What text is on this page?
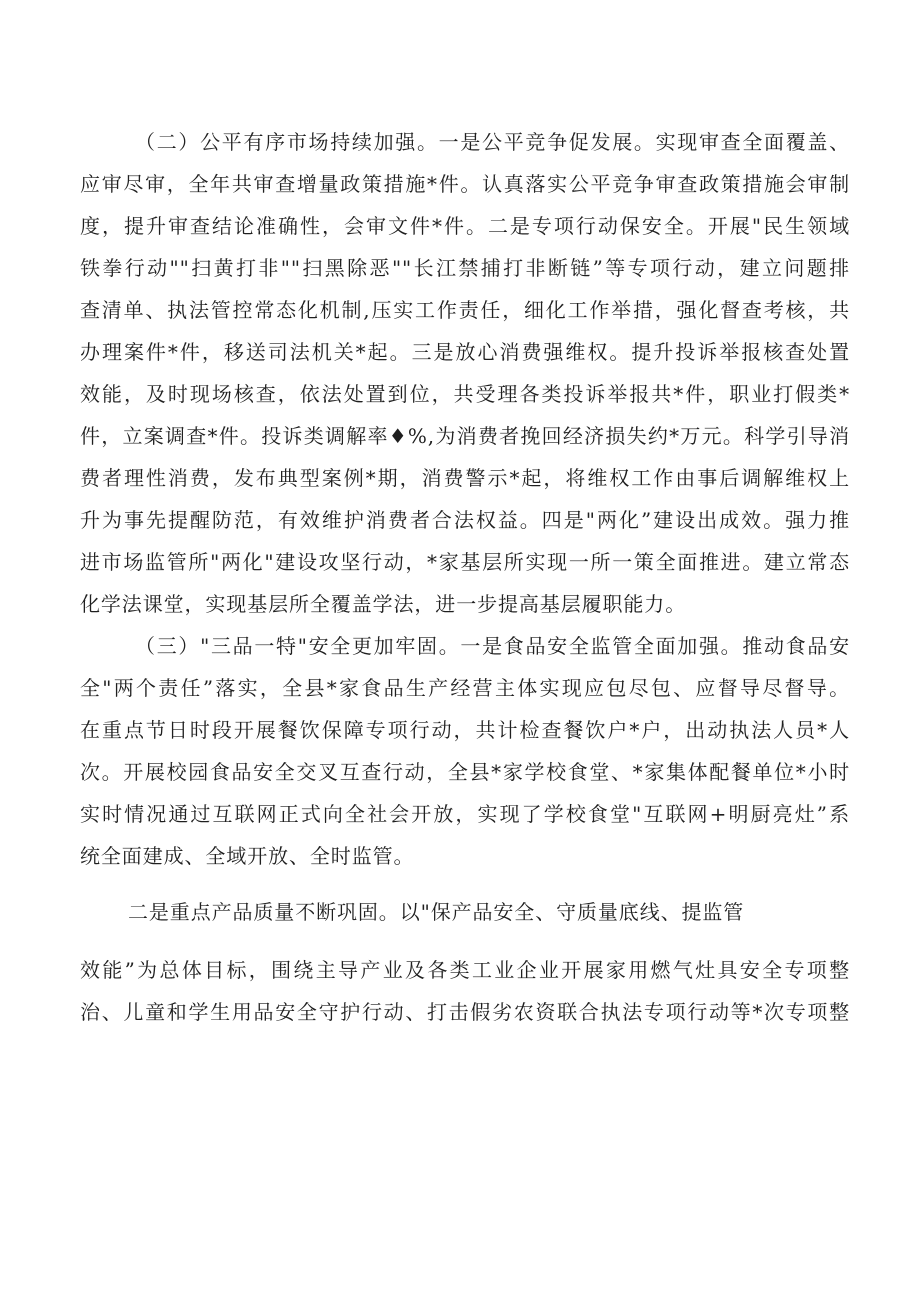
（二）公平有序市场持续加强。一是公平竞争促发展。实现审查全面覆盖、
应审尽审，全年共审查增量政策措施*件。认真落实公平竞争审查政策措施会审制
度，提升审查结论准确性，会审文件*件。二是专项行动保安全。开展"民生领域
铁拳行动""扫黄打非""扫黑除恶""长江禁捕打非断链”等专项行动，建立问题排
查清单、执法管控常态化机制,压实工作责任，细化工作举措，强化督查考核，共
办理案件*件，移送司法机关*起。三是放心消费强维权。提升投诉举报核查处置
效能，及时现场核查，依法处置到位，共受理各类投诉举报共*件，职业打假类*
件，立案调查*件。投诉类调解率♦%,为消费者挽回经济损失约*万元。科学引导消
费者理性消费，发布典型案例*期，消费警示*起，将维权工作由事后调解维权上
升为事先提醒防范，有效维护消费者合法权益。四是"两化”建设出成效。强力推
进市场监管所"两化"建设攻坚行动，*家基层所实现一所一策全面推进。建立常态
化学法课堂，实现基层所全覆盖学法，进一步提高基层履职能力。
（三）"三品一特"安全更加牢固。一是食品安全监管全面加强。推动食品安
全"两个责任”落实，全县*家食品生产经营主体实现应包尽包、应督导尽督导。
在重点节日时段开展餐饮保障专项行动，共计检查餐饮户*户，出动执法人员*人
次。开展校园食品安全交叉互查行动，全县*家学校食堂、*家集体配餐单位*小时
实时情况通过互联网正式向全社会开放，实现了学校食堂"互联网+明厨亮灶”系
统全面建成、全域开放、全时监管。
二是重点产品质量不断巩固。以"保产品安全、守质量底线、提监管
效能”为总体目标，围绕主导产业及各类工业企业开展家用燃气灶具安全专项整
治、儿童和学生用品安全守护行动、打击假劣农资联合执法专项行动等*次专项整
